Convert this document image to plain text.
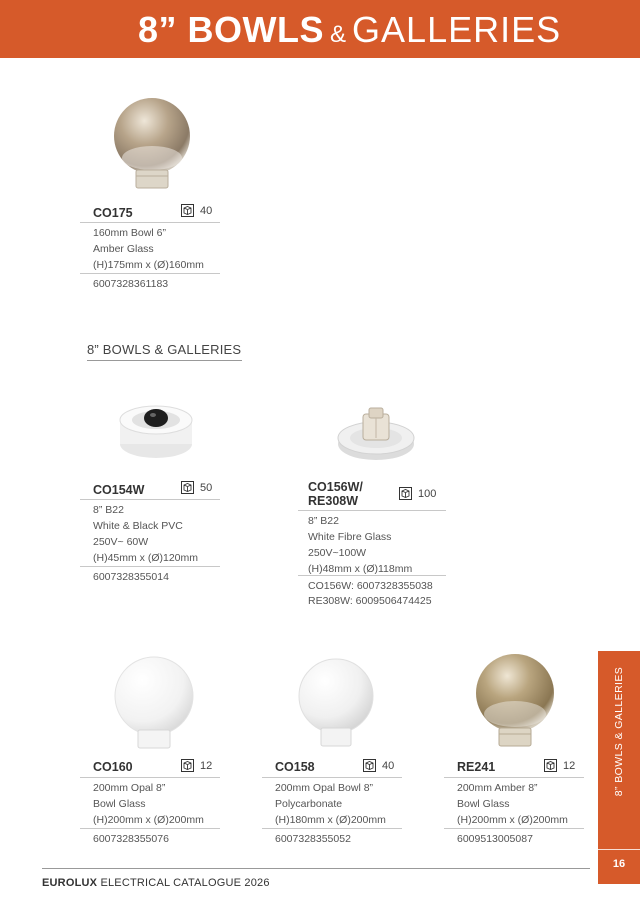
8” BOWLS & GALLERIES
CO175	40
160mm Bowl 6”
Amber Glass
(H)175mm x (Ø)160mm
6007328361183
8” BOWLS & GALLERIES
CO154W	50
8” B22
White & Black PVC
250V~ 60W
(H)45mm x (Ø)120mm
6007328355014
CO156W/
RE308W
100
8” B22
White Fibre Glass
250V~100W
(H)48mm x (Ø)118mm
CO156W: 6007328355038
RE308W: 6009506474425
CO160	12
200mm Opal 8”
Bowl Glass
(H)200mm x (Ø)200mm
6007328355076
CO158	40
200mm Opal Bowl 8”
Polycarbonate
(H)180mm x (Ø)200mm
6007328355052
RE241	12
200mm Amber 8”
Bowl Glass
(H)200mm x (Ø)200mm
6009513005087
8” BOWLS & GALLERIES
16
EUROLUX ELECTRICAL CATALOGUE 2026
